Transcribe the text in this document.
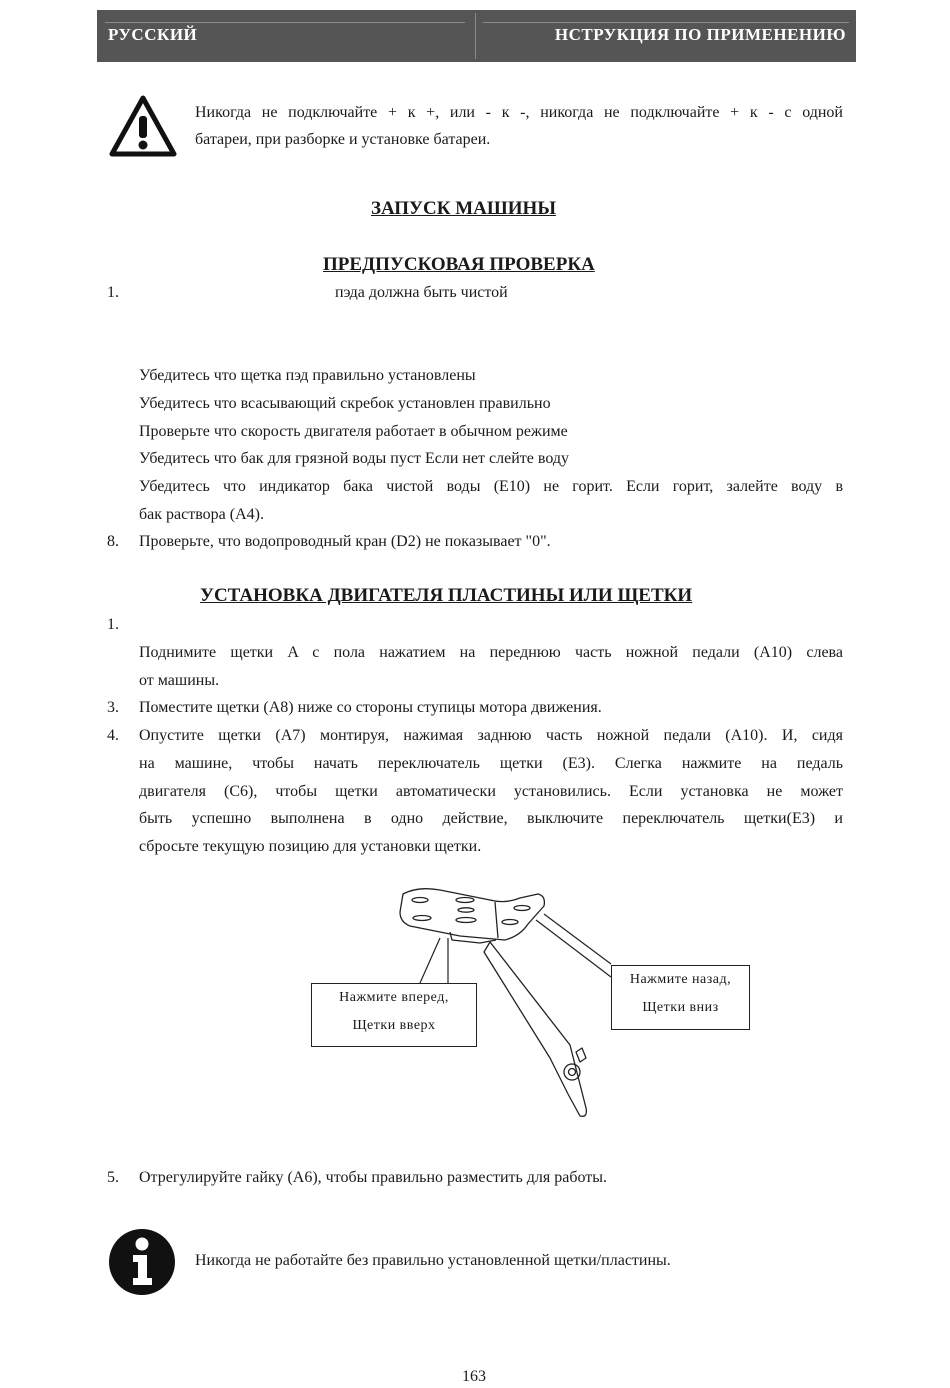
РУССКИЙ	НСТРУКЦИЯ ПО ПРИМЕНЕНИЮ
Никогда не подключайте + к +, или - к -, никогда не подключайте + к - с одной
батареи, при разборке и установке батареи.
ЗАПУСК МАШИНЫ
ПРЕДПУСКОВАЯ ПРОВЕРКА
1.	пэда должна быть чистой
Убедитесь что щетка пэд правильно установлены
Убедитесь что всасывающий скребок установлен правильно
Проверьте что скорость двигателя работает в обычном режиме
Убедитесь что бак для грязной воды пуст Если нет слейте воду
Убедитесь что индикатор бака чистой воды (E10) не горит. Если горит, залейте воду в
бак раствора (A4).
8. Проверьте, что водопроводный кран (D2) не показывает "0".
УСТАНОВКА ДВИГАТЕЛЯ ПЛАСТИНЫ ИЛИ ЩЕТКИ
1.
Поднимите щетки A с пола нажатием на переднюю часть ножной педали (A10) слева
от машины.
3. Поместите щетки (A8) ниже со стороны ступицы мотора движения.
4. Опустите щетки (A7) монтируя, нажимая заднюю часть ножной педали (A10). И, сидя
на машине, чтобы начать переключатель щетки (E3). Слегка нажмите на педаль
двигателя (C6), чтобы щетки автоматически установились. Если установка не может
быть успешно выполнена в одно действие, выключите переключатель щетки(E3) и
сбросьте текущую позицию для установки щетки.
Нажмите вперед,
Щетки вверх
Нажмите назад,
Щетки вниз
5. Отрегулируйте гайку (A6), чтобы правильно разместить для работы.
Никогда не работайте без правильно установленной щетки/пластины.
163
